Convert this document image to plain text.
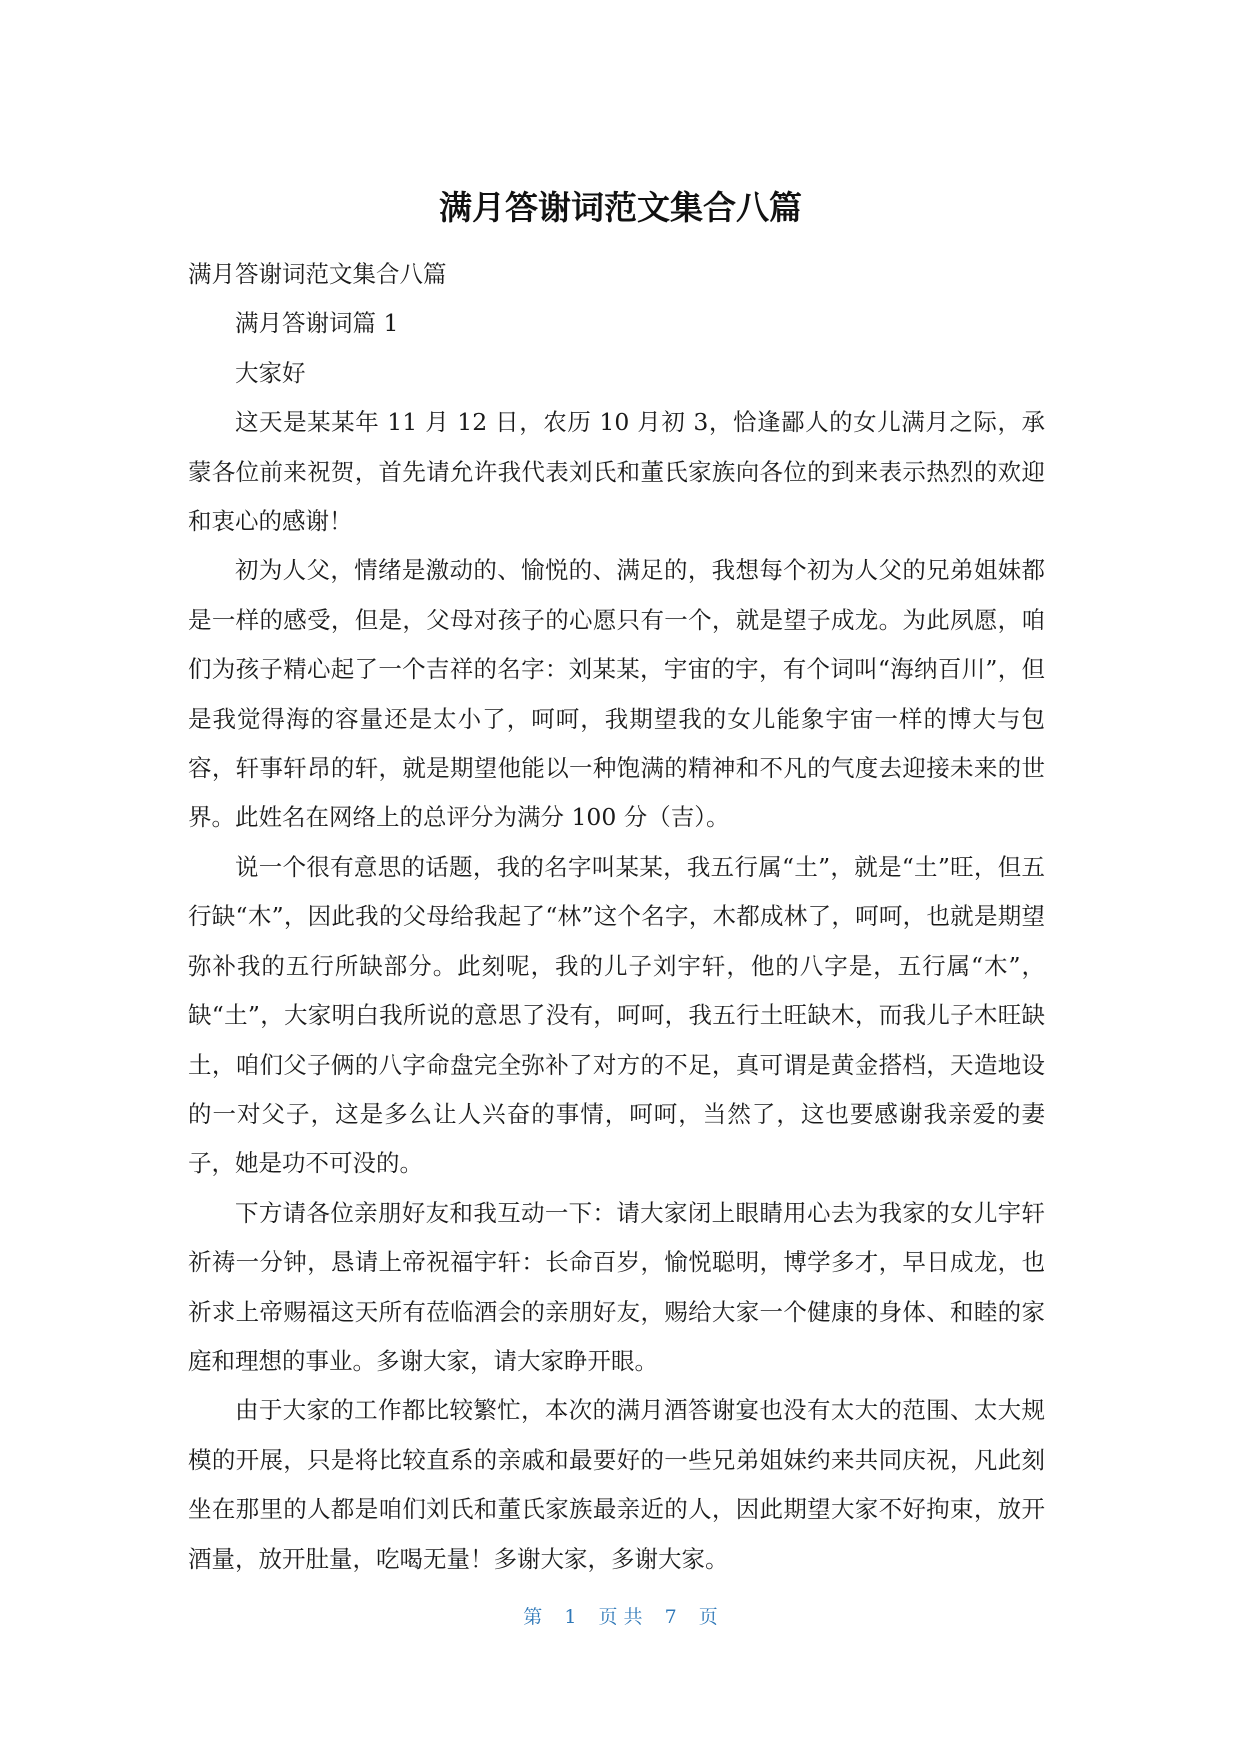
满月答谢词范文集合八篇

满月答谢词范文集合八篇

满月答谢词篇 1

大家好

这天是某某年 11 月 12 日，农历 10 月初 3，恰逢鄙人的女儿满月之际，承蒙各位前来祝贺，首先请允许我代表刘氏和董氏家族向各位的到来表示热烈的欢迎和衷心的感谢！

初为人父，情绪是激动的、愉悦的、满足的，我想每个初为人父的兄弟姐妹都是一样的感受，但是，父母对孩子的心愿只有一个，就是望子成龙。为此夙愿，咱们为孩子精心起了一个吉祥的名字：刘某某，宇宙的宇，有个词叫“海纳百川”，但是我觉得海的容量还是太小了，呵呵，我期望我的女儿能象宇宙一样的博大与包容，轩事轩昂的轩，就是期望他能以一种饱满的精神和不凡的气度去迎接未来的世界。此姓名在网络上的总评分为满分 100 分（吉）。

说一个很有意思的话题，我的名字叫某某，我五行属“土”，就是“土”旺，但五行缺“木”，因此我的父母给我起了“林”这个名字，木都成林了，呵呵，也就是期望弥补我的五行所缺部分。此刻呢，我的儿子刘宇轩，他的八字是，五行属“木”，缺“土”，大家明白我所说的意思了没有，呵呵，我五行土旺缺木，而我儿子木旺缺土，咱们父子俩的八字命盘完全弥补了对方的不足，真可谓是黄金搭档，天造地设的一对父子，这是多么让人兴奋的事情，呵呵，当然了，这也要感谢我亲爱的妻子，她是功不可没的。

下方请各位亲朋好友和我互动一下：请大家闭上眼睛用心去为我家的女儿宇轩祈祷一分钟，恳请上帝祝福宇轩：长命百岁，愉悦聪明，博学多才，早日成龙，也祈求上帝赐福这天所有莅临酒会的亲朋好友，赐给大家一个健康的身体、和睦的家庭和理想的事业。多谢大家，请大家睁开眼。

由于大家的工作都比较繁忙，本次的满月酒答谢宴也没有太大的范围、太大规模的开展，只是将比较直系的亲戚和最要好的一些兄弟姐妹约来共同庆祝，凡此刻坐在那里的人都是咱们刘氏和董氏家族最亲近的人，因此期望大家不好拘束，放开酒量，放开肚量，吃喝无量！多谢大家，多谢大家。

第 1 页 共 7 页
